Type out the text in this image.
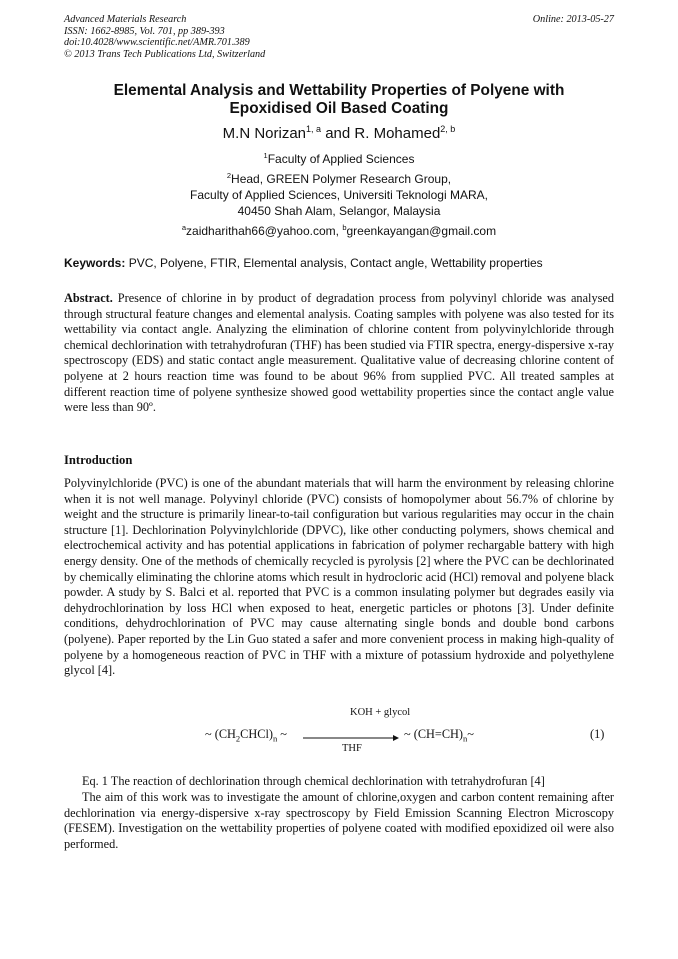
Advanced Materials Research
ISSN: 1662-8985, Vol. 701, pp 389-393
doi:10.4028/www.scientific.net/AMR.701.389
© 2013 Trans Tech Publications Ltd, Switzerland
Online: 2013-05-27
Elemental Analysis and Wettability Properties of Polyene with
Epoxidised Oil Based Coating
M.N Norizan$^{1, a}$ and R. Mohamed$^{2, b}$
$^1$Faculty of Applied Sciences
$^2$Head, GREEN Polymer Research Group,
Faculty of Applied Sciences, Universiti Teknologi MARA,
40450 Shah Alam, Selangor, Malaysia
$^a$zaidharithah66@yahoo.com, $^b$greenkayangan@gmail.com
Keywords: PVC, Polyene, FTIR, Elemental analysis, Contact angle, Wettability properties
Abstract. Presence of chlorine in by product of degradation process from polyvinyl chloride was analysed through structural feature changes and elemental analysis. Coating samples with polyene was also tested for its wettability via contact angle. Analyzing the elimination of chlorine content from polyvinylchloride through chemical dechlorination with tetrahydrofuran (THF) has been studied via FTIR spectra, energy-dispersive x-ray spectroscopy (EDS) and static contact angle measurement. Qualitative value of decreasing chlorine content of polyene at 2 hours reaction time was found to be about 96% from supplied PVC. All treated samples at different reaction time of polyene synthesize showed good wettability properties since the contact angle value were less than 90º.
Introduction
Polyvinylchloride (PVC) is one of the abundant materials that will harm the environment by releasing chlorine when it is not well manage. Polyvinyl chloride (PVC) consists of homopolymer about 56.7% of chlorine by weight and the structure is primarily linear-to-tail configuration but various regularities may occur in the chain structure [1]. Dechlorination Polyvinylchloride (DPVC), like other conducting polymers, shows chemical and electrochemical activity and has potential applications in fabrication of polymer rechargable battery with high energy density. One of the methods of chemically recycled is pyrolysis [2] where the PVC can be dechlorinated by chemically eliminating the chlorine atoms which result in hydrocloric acid (HCl) removal and polyene black powder. A study by S. Balci et al. reported that PVC is a common insulating polymer but degrades easily via dehydrochlorination by loss HCl when exposed to heat, energetic particles or photons [3]. Under definite conditions, dehydrochlorination of PVC may cause alternating single bonds and double bond carbons (polyene). Paper reported by the Lin Guo stated a safer and more convenient process in making high-quality of polyene by a homogeneous reaction of PVC in THF with a mixture of potassium hydroxide and polyethylene glycol [4].
KOH + glycol
~ $(CH_2CHCl)_n$ ~	~ $(CH=CH)_n\sim$	(1)
THF
Eq. 1 The reaction of dechlorination through chemical dechlorination with tetrahydrofuran [4]
The aim of this work was to investigate the amount of chlorine,oxygen and carbon content remaining after dechlorination via energy-dispersive x-ray spectroscopy by Field Emission Scanning Electron Microscopy (FESEM). Investigation on the wettability properties of polyene coated with modified epoxidized oil were also performed.
